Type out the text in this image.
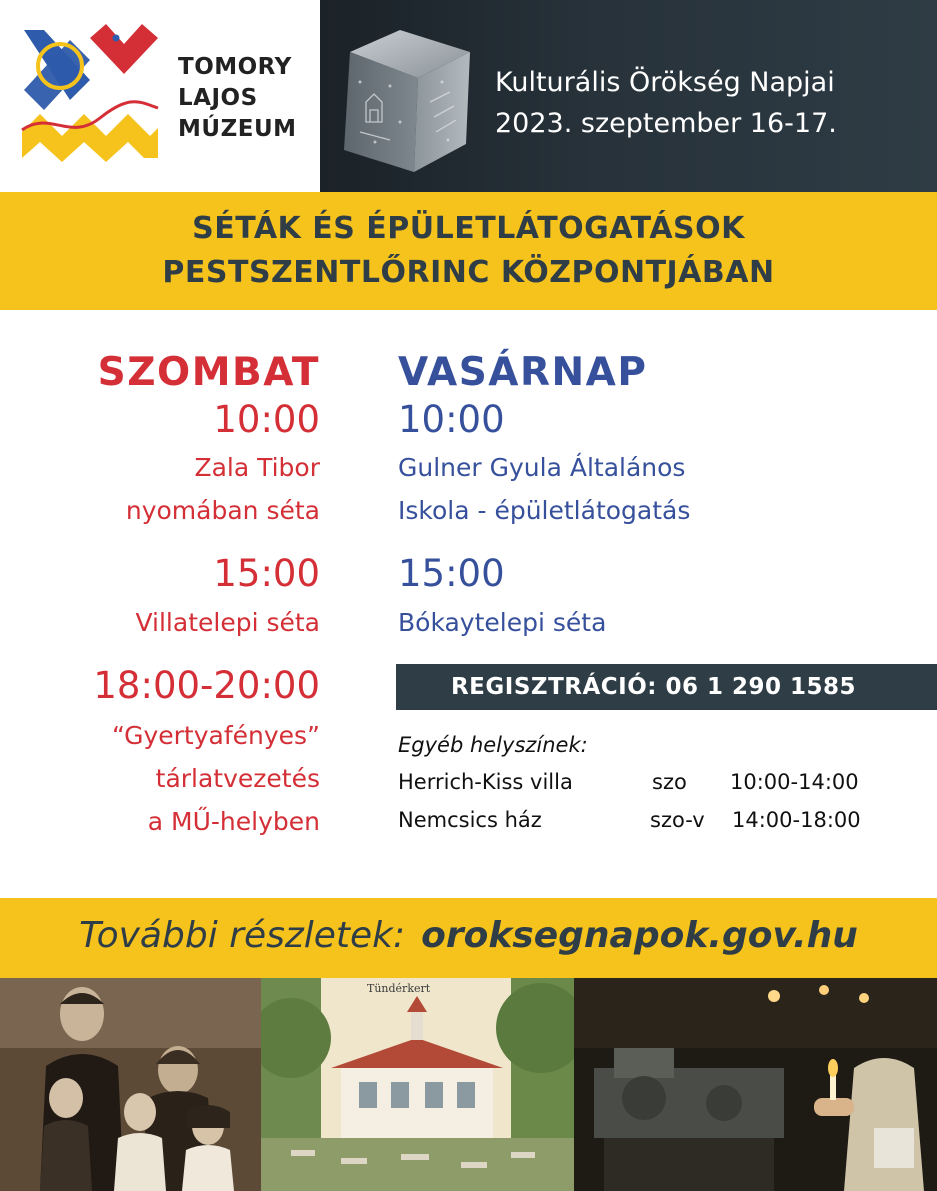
TOMORY
LAJOS
MÚZEUM
Kulturális Örökség Napjai
2023. szeptember 16-17.
SÉTÁK ÉS ÉPÜLETLÁTOGATÁSOK
PESTSZENTLŐRINC KÖZPONTJÁBAN
SZOMBAT
10:00
Zala Tibor
nyomában séta
15:00
Villatelepi séta
18:00-20:00
“Gyertyafényes”
tárlatvezetés
a MŰ-helyben
VASÁRNAP
10:00
Gulner Gyula Általános
Iskola - épületlátogatás
15:00
Bókaytelepi séta
REGISZTRÁCIÓ: 06 1 290 1585
Egyéb helyszínek:
Herrich-Kiss villa	szo 10:00-14:00
Nemcsics ház	szo-v 14:00-18:00
További részletek: oroksegnapok.gov.hu
Tündérkert
